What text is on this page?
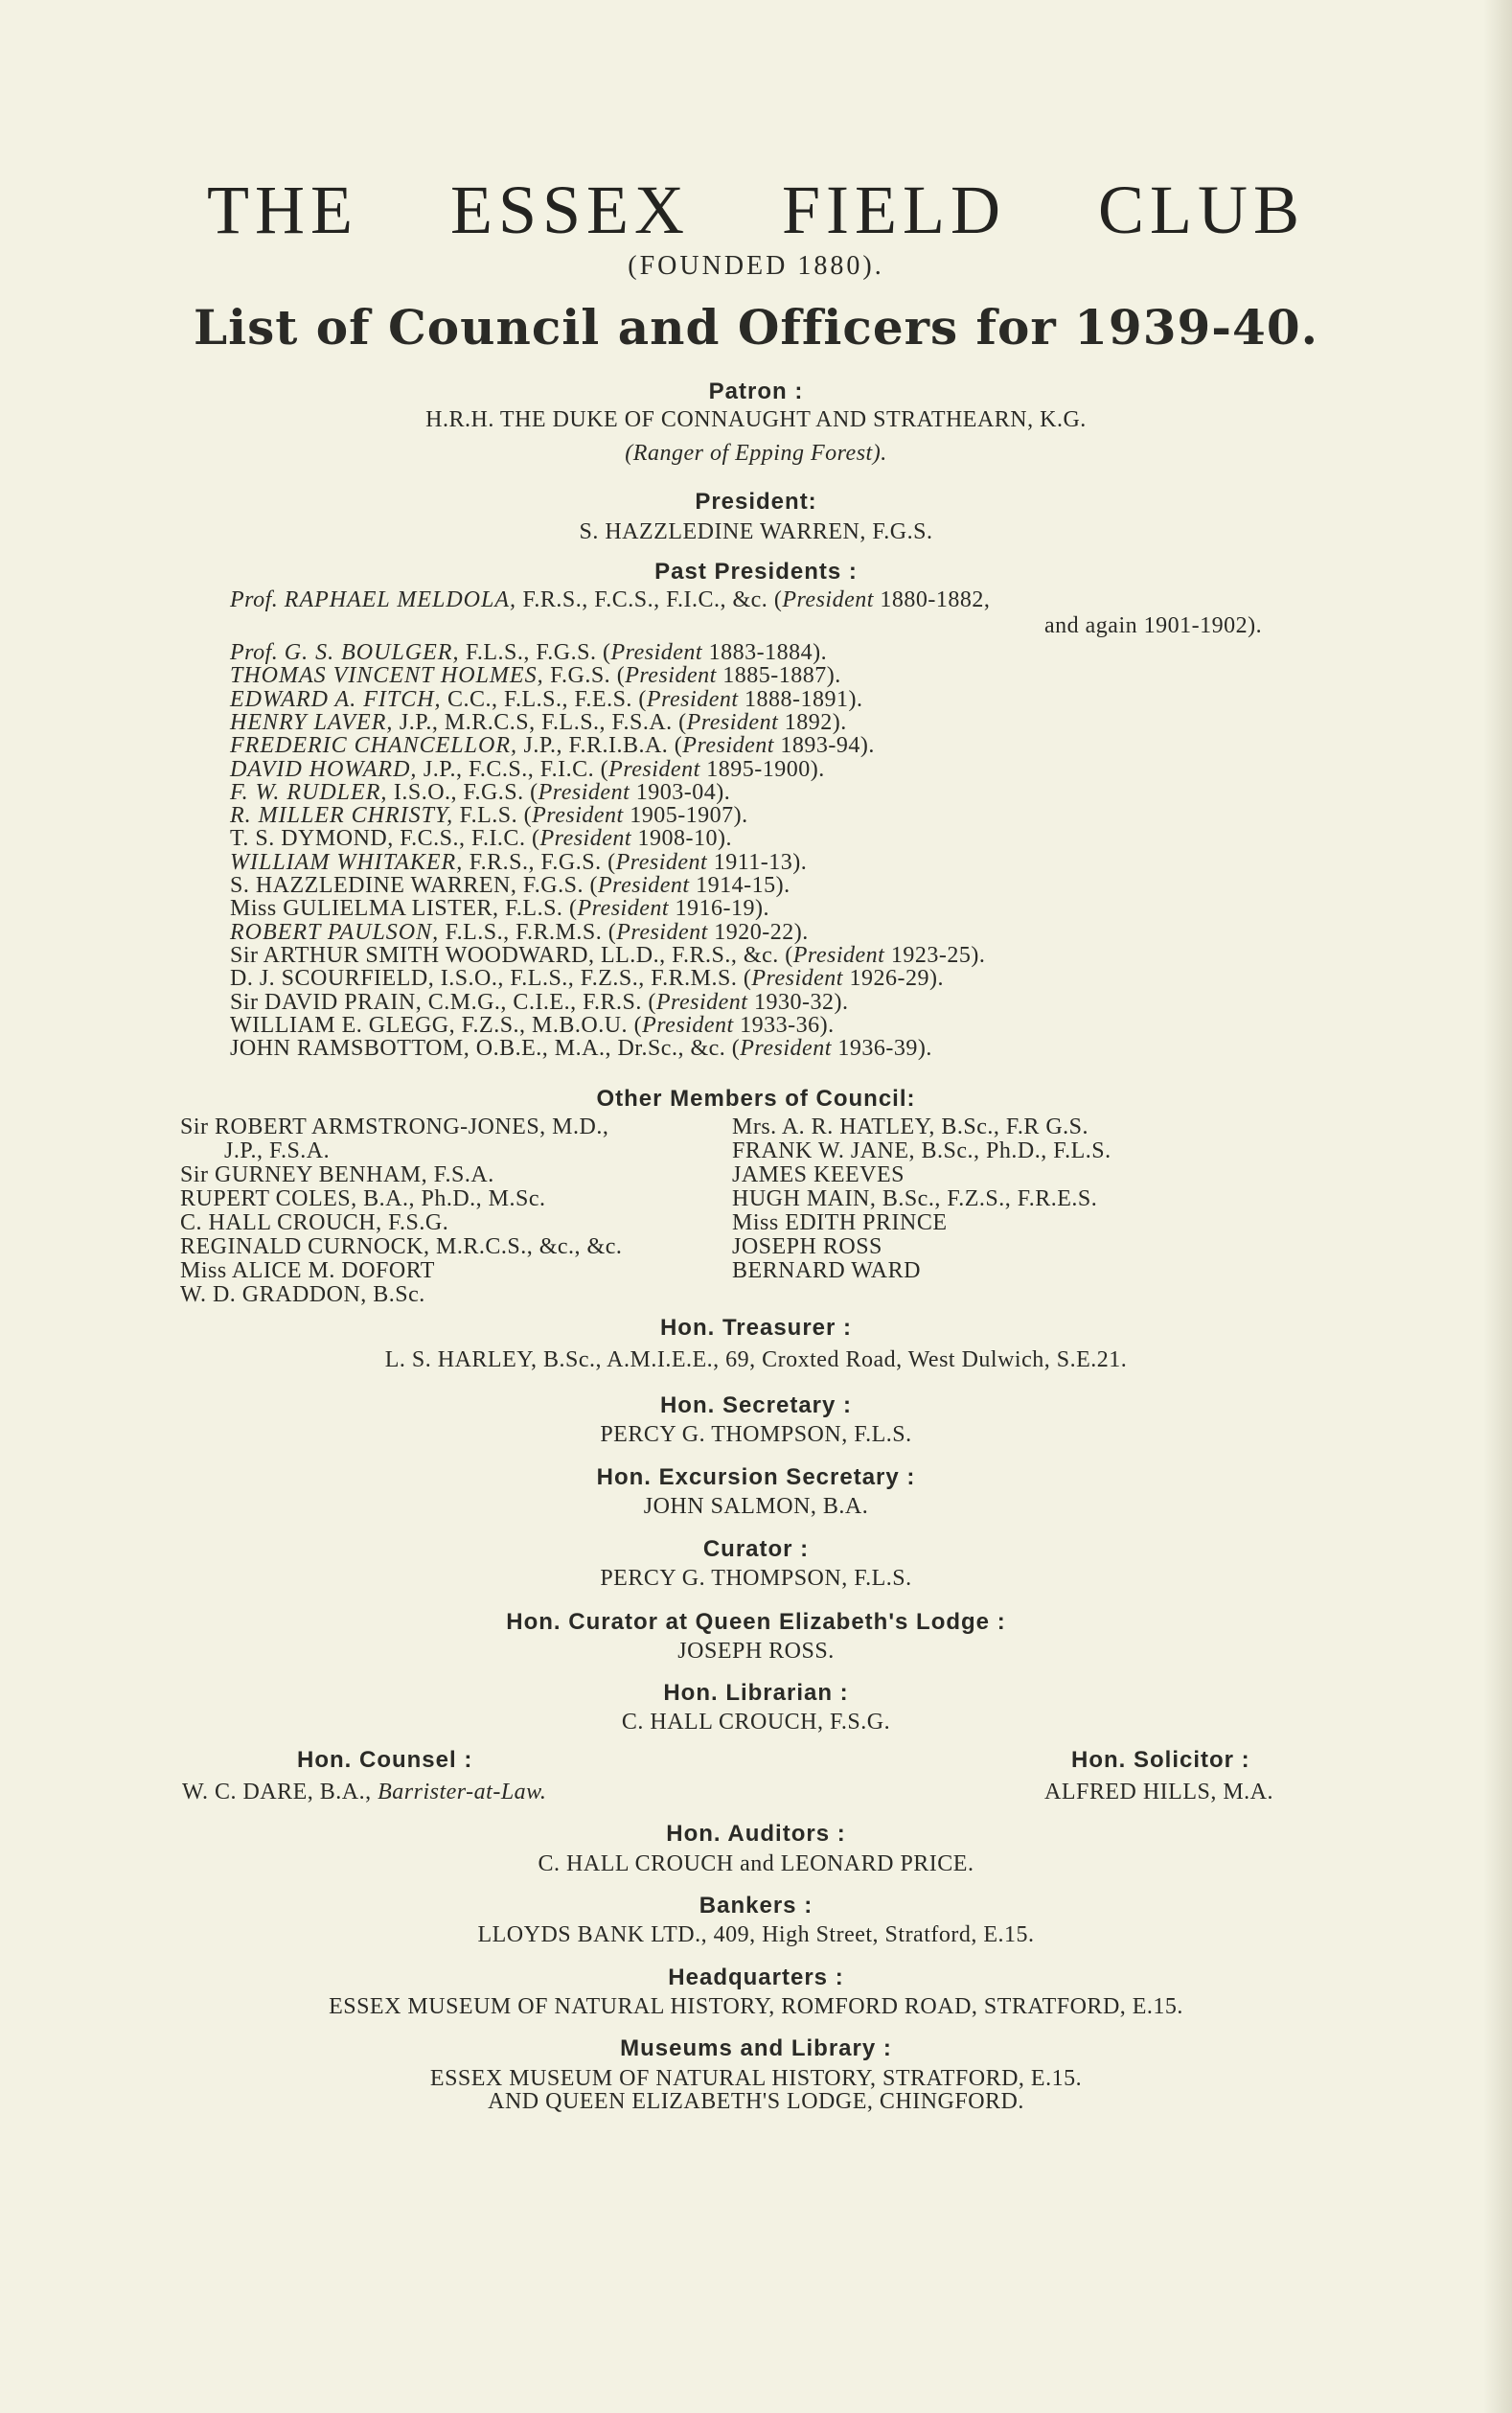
THE ESSEX FIELD CLUB
(FOUNDED 1880).
List of Council and Officers for 1939-40.
Patron :
H.R.H. THE DUKE OF CONNAUGHT AND STRATHEARN, K.G.
(Ranger of Epping Forest).
President:
S. HAZZLEDINE WARREN, F.G.S.
Past Presidents :
Prof. RAPHAEL MELDOLA, F.R.S., F.C.S., F.I.C., &c. (President 1880-1882,
and again 1901-1902).
Prof. G. S. BOULGER, F.L.S., F.G.S. (President 1883-1884).
THOMAS VINCENT HOLMES, F.G.S. (President 1885-1887).
EDWARD A. FITCH, C.C., F.L.S., F.E.S. (President 1888-1891).
HENRY LAVER, J.P., M.R.C.S, F.L.S., F.S.A. (President 1892).
FREDERIC CHANCELLOR, J.P., F.R.I.B.A. (President 1893-94).
DAVID HOWARD, J.P., F.C.S., F.I.C. (President 1895-1900).
F. W. RUDLER, I.S.O., F.G.S. (President 1903-04).
R. MILLER CHRISTY, F.L.S. (President 1905-1907).
T. S. DYMOND, F.C.S., F.I.C. (President 1908-10).
WILLIAM WHITAKER, F.R.S., F.G.S. (President 1911-13).
S. HAZZLEDINE WARREN, F.G.S. (President 1914-15).
Miss GULIELMA LISTER, F.L.S. (President 1916-19).
ROBERT PAULSON, F.L.S., F.R.M.S. (President 1920-22).
Sir ARTHUR SMITH WOODWARD, LL.D., F.R.S., &c. (President 1923-25).
D. J. SCOURFIELD, I.S.O., F.L.S., F.Z.S., F.R.M.S. (President 1926-29).
Sir DAVID PRAIN, C.M.G., C.I.E., F.R.S. (President 1930-32).
WILLIAM E. GLEGG, F.Z.S., M.B.O.U. (President 1933-36).
JOHN RAMSBOTTOM, O.B.E., M.A., Dr.Sc., &c. (President 1936-39).
Other Members of Council:
Sir ROBERT ARMSTRONG-JONES, M.D.,
J.P., F.S.A.
Sir GURNEY BENHAM, F.S.A.
RUPERT COLES, B.A., Ph.D., M.Sc.
C. HALL CROUCH, F.S.G.
REGINALD CURNOCK, M.R.C.S., &c., &c.
Miss ALICE M. DOFORT
W. D. GRADDON, B.Sc.
Mrs. A. R. HATLEY, B.Sc., F.R G.S.
FRANK W. JANE, B.Sc., Ph.D., F.L.S.
JAMES KEEVES
HUGH MAIN, B.Sc., F.Z.S., F.R.E.S.
Miss EDITH PRINCE
JOSEPH ROSS
BERNARD WARD
Hon. Treasurer :
L. S. HARLEY, B.Sc., A.M.I.E.E., 69, Croxted Road, West Dulwich, S.E.21.
Hon. Secretary :
PERCY G. THOMPSON, F.L.S.
Hon. Excursion Secretary :
JOHN SALMON, B.A.
Curator :
PERCY G. THOMPSON, F.L.S.
Hon. Curator at Queen Elizabeth's Lodge :
JOSEPH ROSS.
Hon. Librarian :
C. HALL CROUCH, F.S.G.
Hon. Counsel :
W. C. DARE, B.A., Barrister-at-Law.
Hon. Solicitor :
ALFRED HILLS, M.A.
Hon. Auditors :
C. HALL CROUCH and LEONARD PRICE.
Bankers :
LLOYDS BANK LTD., 409, High Street, Stratford, E.15.
Headquarters :
ESSEX MUSEUM OF NATURAL HISTORY, ROMFORD ROAD, STRATFORD, E.15.
Museums and Library :
ESSEX MUSEUM OF NATURAL HISTORY, STRATFORD, E.15.
AND QUEEN ELIZABETH'S LODGE, CHINGFORD.
